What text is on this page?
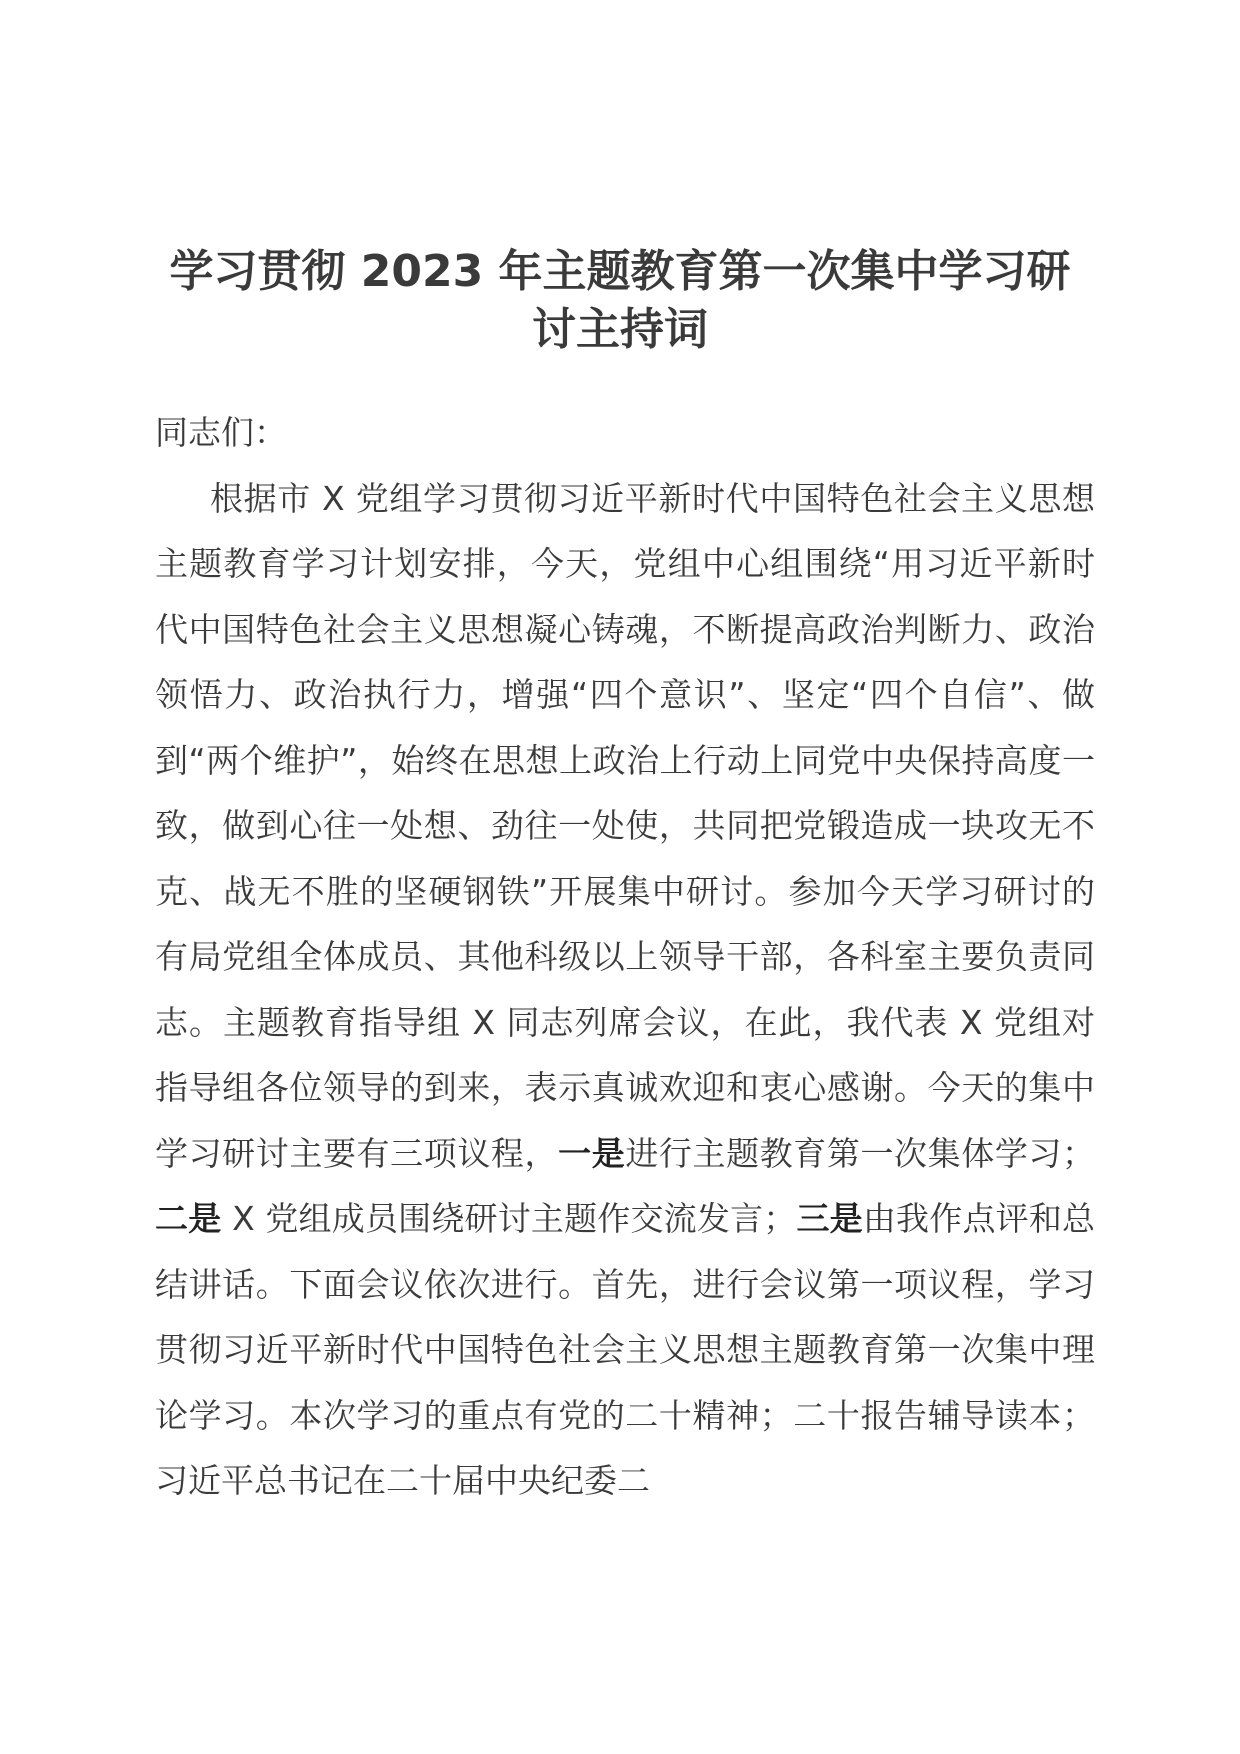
学习贯彻 2023 年主题教育第一次集中学习研讨主持词

同志们：

根据市 X 党组学习贯彻习近平新时代中国特色社会主义思想主题教育学习计划安排，今天，党组中心组围绕“用习近平新时代中国特色社会主义思想凝心铸魂，不断提高政治判断力、政治领悟力、政治执行力，增强“四个意识”、坚定“四个自信”、做到“两个维护”，始终在思想上政治上行动上同党中央保持高度一致，做到心往一处想、劲往一处使，共同把党锻造成一块攻无不克、战无不胜的坚硬钢铁”开展集中研讨。参加今天学习研讨的有局党组全体成员、其他科级以上领导干部，各科室主要负责同志。主题教育指导组 X 同志列席会议，在此，我代表 X 党组对指导组各位领导的到来，表示真诚欢迎和衷心感谢。今天的集中学习研讨主要有三项议程，一是进行主题教育第一次集体学习；二是 X 党组成员围绕研讨主题作交流发言；三是由我作点评和总结讲话。下面会议依次进行。首先，进行会议第一项议程，学习贯彻习近平新时代中国特色社会主义思想主题教育第一次集中理论学习。本次学习的重点有党的二十精神；二十报告辅导读本；习近平总书记在二十届中央纪委二
